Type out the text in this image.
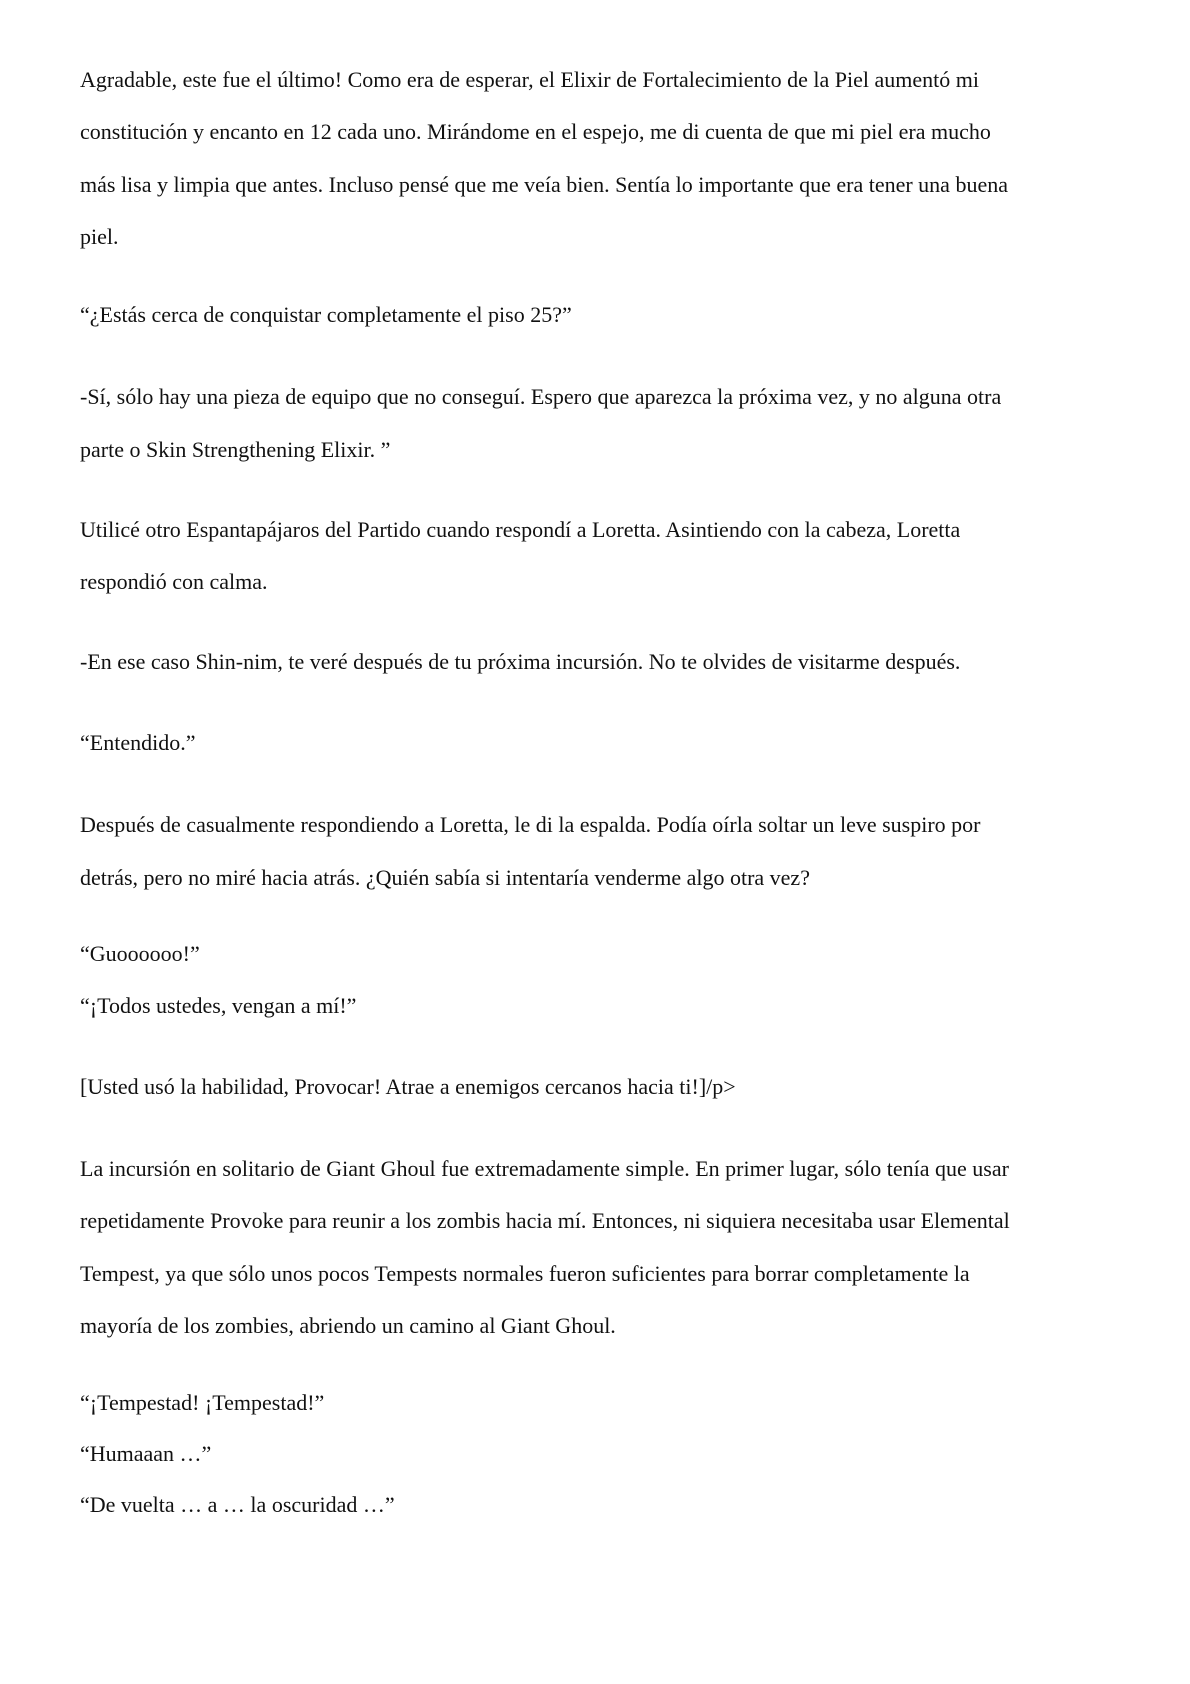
Agradable, este fue el último! Como era de esperar, el Elixir de Fortalecimiento de la Piel aumentó mi

constitución y encanto en 12 cada uno. Mirándome en el espejo, me di cuenta de que mi piel era mucho

más lisa y limpia que antes. Incluso pensé que me veía bien. Sentía lo importante que era tener una buena

piel.

“¿Estás cerca de conquistar completamente el piso 25?”

-Sí, sólo hay una pieza de equipo que no conseguí. Espero que aparezca la próxima vez, y no alguna otra

parte o Skin Strengthening Elixir. ”

Utilicé otro Espantapájaros del Partido cuando respondí a Loretta. Asintiendo con la cabeza, Loretta

respondió con calma.

-En ese caso Shin-nim, te veré después de tu próxima incursión. No te olvides de visitarme después.

“Entendido.”

Después de casualmente respondiendo a Loretta, le di la espalda. Podía oírla soltar un leve suspiro por

detrás, pero no miré hacia atrás. ¿Quién sabía si intentaría venderme algo otra vez?

“Guoooooo!”

“¡Todos ustedes, vengan a mí!”

[Usted usó la habilidad, Provocar! Atrae a enemigos cercanos hacia ti!]/p>

La incursión en solitario de Giant Ghoul fue extremadamente simple. En primer lugar, sólo tenía que usar

repetidamente Provoke para reunir a los zombis hacia mí. Entonces, ni siquiera necesitaba usar Elemental

Tempest, ya que sólo unos pocos Tempests normales fueron suficientes para borrar completamente la

mayoría de los zombies, abriendo un camino al Giant Ghoul.

“¡Tempestad! ¡Tempestad!”

“Humaaan …”

“De vuelta … a … la oscuridad …”
